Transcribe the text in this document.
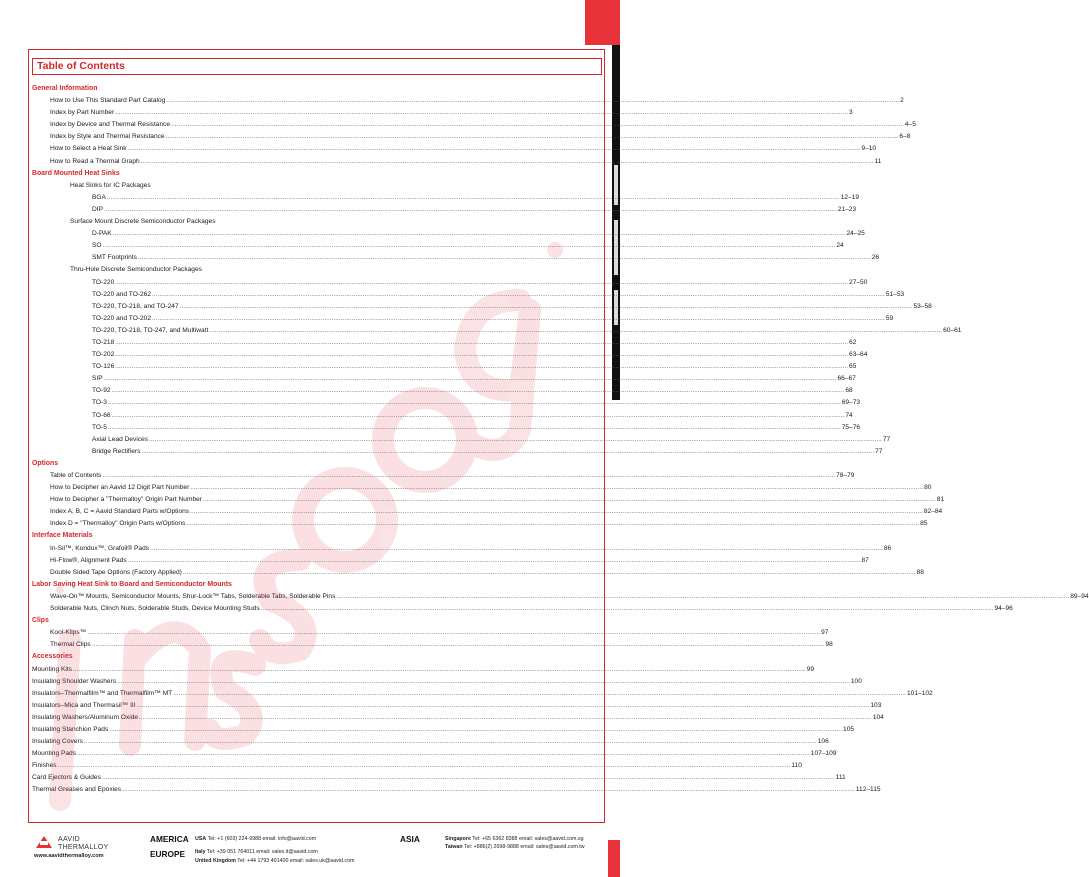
Table of Contents
General Information
How to Use This Standard Part Catalog ................................................................................................................................................................................................................................................................................................................................................................................................................ 2
Index by Part Number ................................................................................................................................................................................................................................................................................................................................................................................................................ 3
Index by Device and Thermal Resistance ................................................................................................................................................................................................................................................................................................................................................................................................................ 4–5
Index by Style and Thermal Resistance ................................................................................................................................................................................................................................................................................................................................................................................................................ 6–8
How to Select a Heat Sink ................................................................................................................................................................................................................................................................................................................................................................................................................ 9–10
How to Read a Thermal Graph ................................................................................................................................................................................................................................................................................................................................................................................................................ 11
Board Mounted Heat Sinks
Heat Sinks for IC Packages
BGA ................................................................................................................................................................................................................................................................................................................................................................................................................ 12–19
DIP ................................................................................................................................................................................................................................................................................................................................................................................................................ 21–23
Surface Mount Discrete Semiconductor Packages
D-PAK ................................................................................................................................................................................................................................................................................................................................................................................................................ 24–25
SO ................................................................................................................................................................................................................................................................................................................................................................................................................ 24
SMT Footprints ................................................................................................................................................................................................................................................................................................................................................................................................................ 26
Thru-Hole Discrete Semiconductor Packages
TO-220 ................................................................................................................................................................................................................................................................................................................................................................................................................ 27–50
TO-220 and TO-262 ................................................................................................................................................................................................................................................................................................................................................................................................................ 51–53
TO-220, TO-218, and TO-247 ................................................................................................................................................................................................................................................................................................................................................................................................................ 53–58
TO-220 and TO-202 ................................................................................................................................................................................................................................................................................................................................................................................................................ 59
TO-220, TO-218, TO-247, and Multiwatt ................................................................................................................................................................................................................................................................................................................................................................................................................ 60–61
TO-218 ................................................................................................................................................................................................................................................................................................................................................................................................................ 62
TO-202 ................................................................................................................................................................................................................................................................................................................................................................................................................ 63–64
TO-126 ................................................................................................................................................................................................................................................................................................................................................................................................................ 65
SIP ................................................................................................................................................................................................................................................................................................................................................................................................................ 66–67
TO-92 ................................................................................................................................................................................................................................................................................................................................................................................................................ 68
TO-3 ................................................................................................................................................................................................................................................................................................................................................................................................................ 69–73
TO-66 ................................................................................................................................................................................................................................................................................................................................................................................................................ 74
TO-5 ................................................................................................................................................................................................................................................................................................................................................................................................................ 75–76
Axial Lead Devices ................................................................................................................................................................................................................................................................................................................................................................................................................ 77
Bridge Rectifiers ................................................................................................................................................................................................................................................................................................................................................................................................................ 77
Options
Table of Contents ................................................................................................................................................................................................................................................................................................................................................................................................................ 78–79
How to Decipher an Aavid 12 Digit Part Number ................................................................................................................................................................................................................................................................................................................................................................................................................ 80
How to Decipher a "Thermalloy" Origin Part Number ................................................................................................................................................................................................................................................................................................................................................................................................................ 81
Index A, B, C = Aavid Standard Parts w/Options ................................................................................................................................................................................................................................................................................................................................................................................................................ 82–84
Index D = "Thermalloy" Origin Parts w/Options ................................................................................................................................................................................................................................................................................................................................................................................................................ 85
Interface Materials
In-Sil™, Kondux™, Grafoil® Pads ................................................................................................................................................................................................................................................................................................................................................................................................................ 86
Hi-Flow®, Alignment Pads ................................................................................................................................................................................................................................................................................................................................................................................................................ 87
Double Sided Tape Options (Factory Applied) ................................................................................................................................................................................................................................................................................................................................................................................................................ 88
Labor Saving Heat Sink to Board and Semiconductor Mounts
Wave-On™ Mounts, Semiconductor Mounts, Shur-Lock™ Tabs, Solderable Tabs, Solderable Pins ................................................................................................................................................................................................................................................................................................................................................................................................................ 89–94
Solderable Nuts, Clinch Nuts, Solderable Studs, Device Mounting Studs ................................................................................................................................................................................................................................................................................................................................................................................................................ 94–96
Clips
Kool-Klips™ ................................................................................................................................................................................................................................................................................................................................................................................................................ 97
Thermal Clips ................................................................................................................................................................................................................................................................................................................................................................................................................ 98
Accessories
Mounting Kits ................................................................................................................................................................................................................................................................................................................................................................................................................ 99
Insulating Shoulder Washers ................................................................................................................................................................................................................................................................................................................................................................................................................ 100
Insulators–Thermalfilm™ and Thermalfilm™ MT ................................................................................................................................................................................................................................................................................................................................................................................................................ 101–102
Insulators–Mica and Thermasil™ III ................................................................................................................................................................................................................................................................................................................................................................................................................ 103
Insulating Washers/Aluminum Oxide ................................................................................................................................................................................................................................................................................................................................................................................................................ 104
Insulating Stanchion Pads ................................................................................................................................................................................................................................................................................................................................................................................................................ 105
Insulating Covers ................................................................................................................................................................................................................................................................................................................................................................................................................ 106
Mounting Pads ................................................................................................................................................................................................................................................................................................................................................................................................................ 107–109
Finishes ................................................................................................................................................................................................................................................................................................................................................................................................................ 110
Card Ejectors & Guides ................................................................................................................................................................................................................................................................................................................................................................................................................ 111
Thermal Greases and Epoxies ................................................................................................................................................................................................................................................................................................................................................................................................................ 112–115
AAVID
THERMALLOY
www.aavidthermalloy.com
AMERICA USA Tel: +1 (603) 224-9988 email: info@aavid.com
EUROPE Italy Tel: +39 051 764011 email: sales.it@aavid.com
United Kingdom Tel: +44 1793 401400 email: sales.uk@aavid.com
ASIA	Singapore Tel: +65 6362 8388 email: sales@aavid.com.sg
Taiwan Tel: +886(2) 2698-9888 email: sales@aavid.com.tw
